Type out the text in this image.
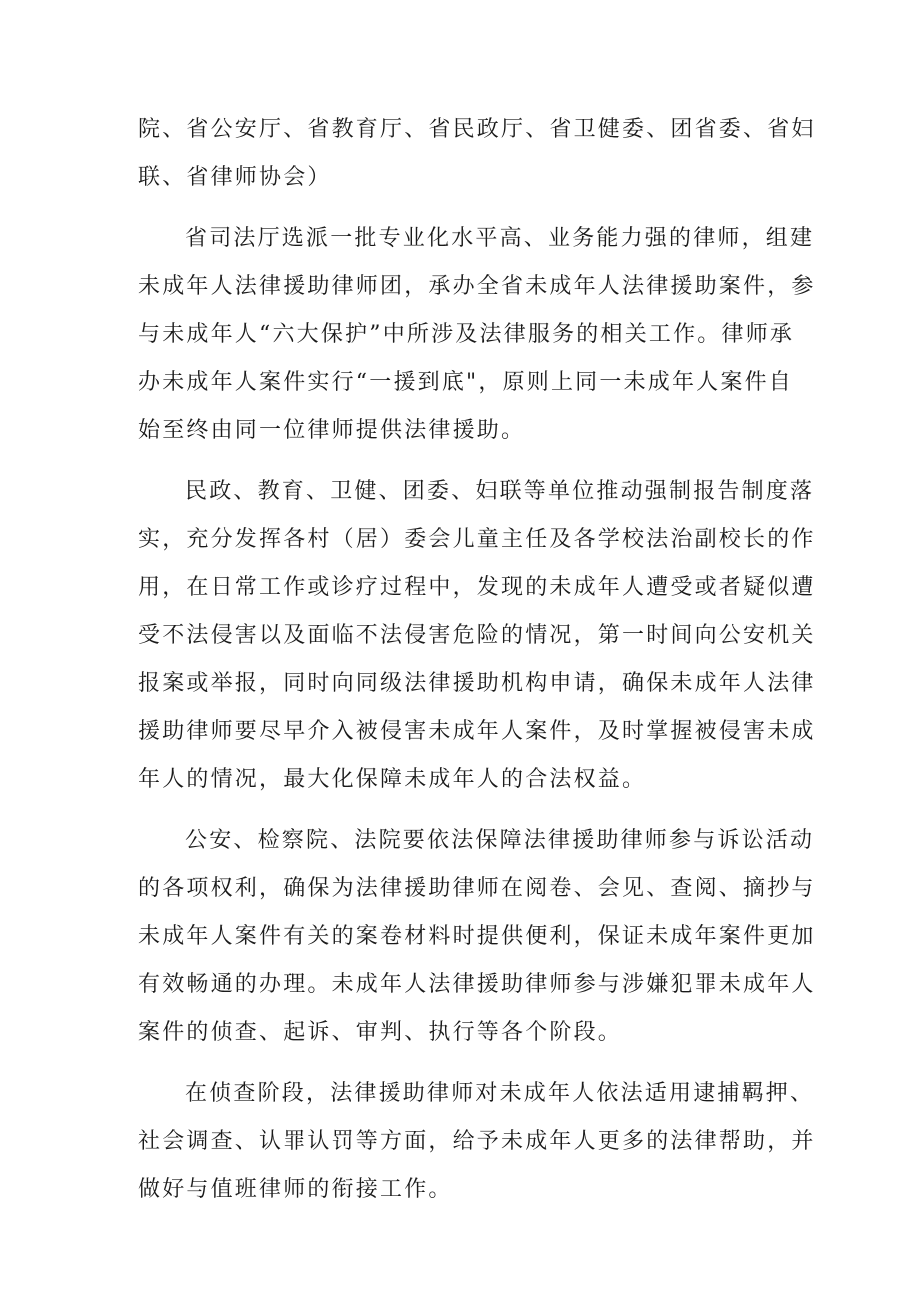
院、省公安厅、省教育厅、省民政厅、省卫健委、团省委、省妇
联、省律师协会）
省司法厅选派一批专业化水平高、业务能力强的律师，组建
未成年人法律援助律师团，承办全省未成年人法律援助案件，参
与未成年人“六大保护”中所涉及法律服务的相关工作。律师承
办未成年人案件实行“一援到底"，原则上同一未成年人案件自
始至终由同一位律师提供法律援助。
民政、教育、卫健、团委、妇联等单位推动强制报告制度落
实，充分发挥各村（居）委会儿童主任及各学校法治副校长的作
用，在日常工作或诊疗过程中，发现的未成年人遭受或者疑似遭
受不法侵害以及面临不法侵害危险的情况，第一时间向公安机关
报案或举报，同时向同级法律援助机构申请，确保未成年人法律
援助律师要尽早介入被侵害未成年人案件，及时掌握被侵害未成
年人的情况，最大化保障未成年人的合法权益。
公安、检察院、法院要依法保障法律援助律师参与诉讼活动
的各项权利，确保为法律援助律师在阅卷、会见、查阅、摘抄与
未成年人案件有关的案卷材料时提供便利，保证未成年案件更加
有效畅通的办理。未成年人法律援助律师参与涉嫌犯罪未成年人
案件的侦查、起诉、审判、执行等各个阶段。
在侦查阶段，法律援助律师对未成年人依法适用逮捕羁押、
社会调查、认罪认罚等方面，给予未成年人更多的法律帮助，并
做好与值班律师的衔接工作。
